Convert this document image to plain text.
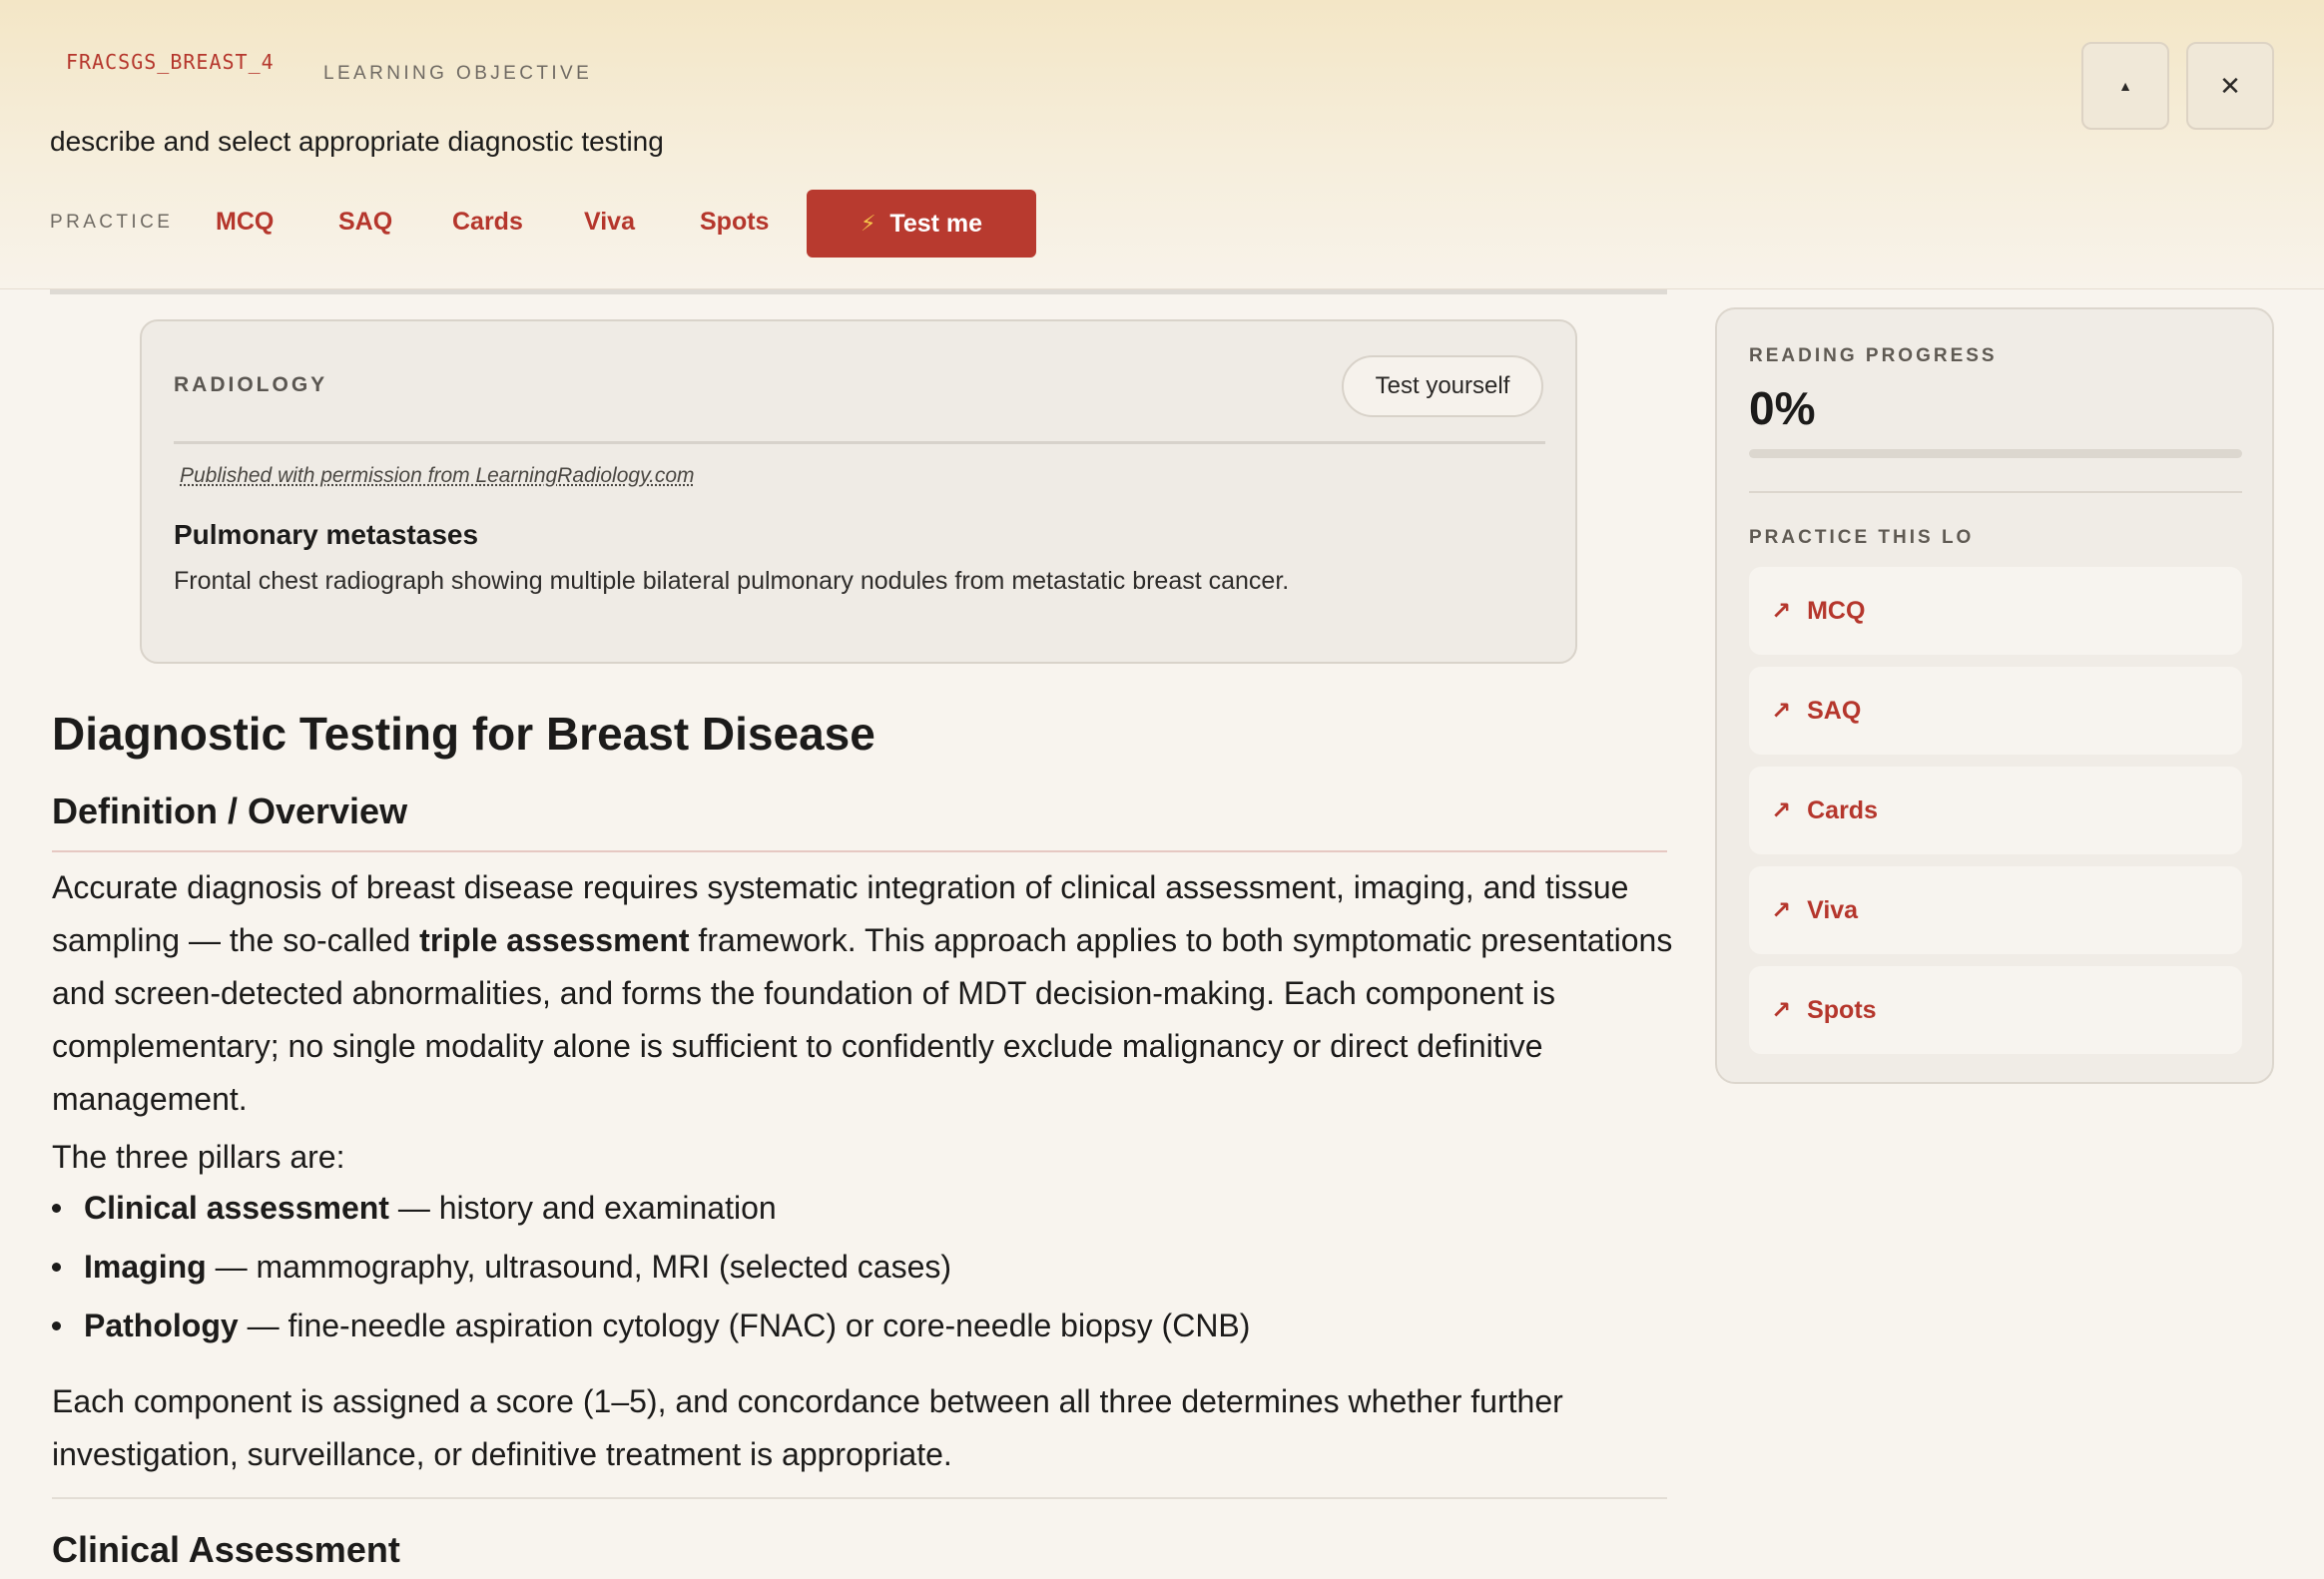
FRACSGS_BREAST_4	LEARNING OBJECTIVE
describe and select appropriate diagnostic testing
PRACTICE MCQ	SAQ Cards Viva	Spots	⚡ Test me
▲	✕
RADIOLOGY	Test yourself
Published with permission from LearningRadiology.com
Pulmonary metastases
Frontal chest radiograph showing multiple bilateral pulmonary nodules from metastatic breast cancer.
Diagnostic Testing for Breast Disease
Definition / Overview

Accurate diagnosis of breast disease requires systematic integration of clinical assessment, imaging, and tissue sampling — the so-called triple assessment framework. This approach applies to both symptomatic presentations and screen-detected abnormalities, and forms the foundation of MDT decision-making. Each component is complementary; no single modality alone is sufficient to confidently exclude malignancy or direct definitive management.

The three pillars are:

Clinical assessment — history and examination
Imaging — mammography, ultrasound, MRI (selected cases)
Pathology — fine-needle aspiration cytology (FNAC) or core-needle biopsy (CNB)

Each component is assigned a score (1–5), and concordance between all three determines whether further investigation, surveillance, or definitive treatment is appropriate.

Clinical Assessment
READING PROGRESS
0%
PRACTICE THIS LO
↗ MCQ
↗ SAQ
↗ Cards
↗ Viva
↗ Spots
